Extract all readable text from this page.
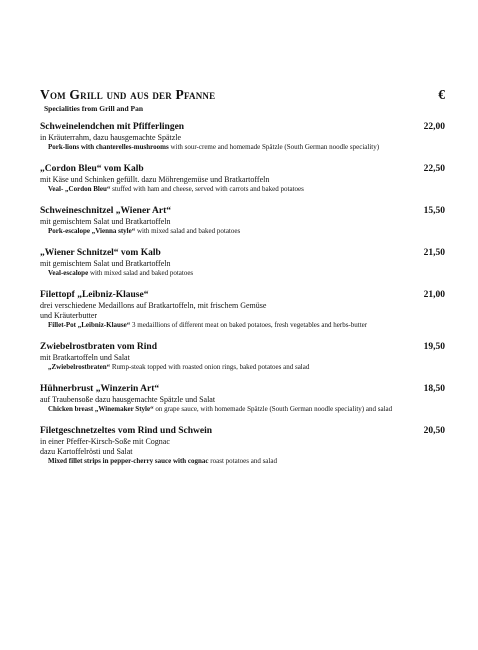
Vom Grill und aus der Pfanne	€
Specialities from Grill and Pan
Schweinelendchen mit Pfifferlingen	22,00
in Kräuterrahm, dazu hausgemachte Spätzle
Pork-lions with chanterelles-mushrooms with sour-creme and homemade Spätzle (South German noodle speciality)
„Cordon Bleu“ vom Kalb	22,50
mit Käse und Schinken gefüllt. dazu Möhrengemüse und Bratkartoffeln
Veal- „Cordon Bleu“ stuffed with ham and cheese, served with carrots and baked potatoes
Schweineschnitzel „Wiener Art“	15,50
mit gemischtem Salat und Bratkartoffeln
Pork-escalope „Vienna style“ with mixed salad and baked potatoes
„Wiener Schnitzel“ vom Kalb	21,50
mit gemischtem Salat und Bratkartoffeln
Veal-escalope with mixed salad and baked potatoes
Filettopf „Leibniz-Klause“	21,00
drei verschiedene Medaillons auf Bratkartoffeln, mit frischem Gemüse
und Kräuterbutter
Fillet-Pot „Leibniz-Klause“ 3 medaillions of different meat on baked potatoes, fresh vegetables and herbs-butter
Zwiebelrostbraten vom Rind	19,50
mit Bratkartoffeln und Salat
„Zwiebelrostbraten“ Rump-steak topped with roasted onion rings, baked potatoes and salad
Hühnerbrust „Winzerin Art“	18,50
auf Traubensoße dazu hausgemachte Spätzle und Salat
Chicken breast „Winemaker Style“ on grape sauce, with homemade Spätzle (South German noodle speciality) and salad
Filetgeschnetzeltes vom Rind und Schwein	20,50
in einer Pfeffer-Kirsch-Soße mit Cognac
dazu Kartoffelrösti und Salat
Mixed fillet strips in pepper-cherry sauce with cognac roast potatoes and salad
